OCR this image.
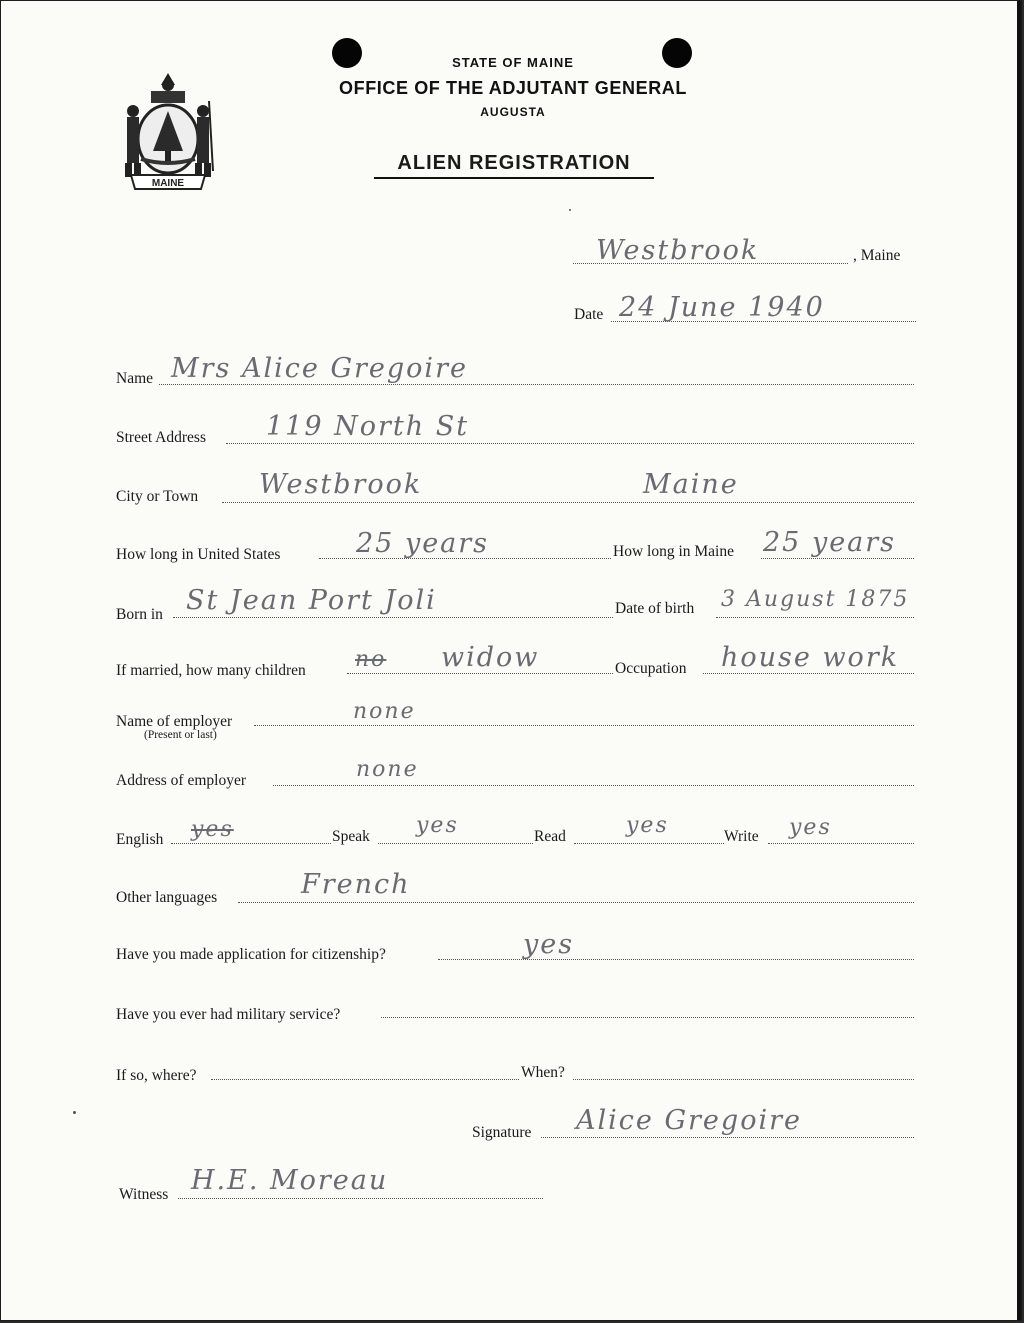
MAINE
STATE OF MAINE
OFFICE OF THE ADJUTANT GENERAL
AUGUSTA
ALIEN REGISTRATION
Westbrook	, Maine
Date 24 June 1940
Name Mrs Alice Gregoire
Street Address 119 North St
City or Town Westbrook	Maine
How long in United States	25 years	How long in Maine 25 years
Born in St Jean Port Joli	Date of birth 3 August 1875
If married, how many children no widow	Occupation house work
Name of employer
(Present or last)
none
Address of employer	none
English yes	Speak yes	Read	yes	Write yes
Other languages	French
Have you made application for citizenship?	yes
Have you ever had military service?
If so, where?	When?
Signature Alice Gregoire
Witness H.E. Moreau
